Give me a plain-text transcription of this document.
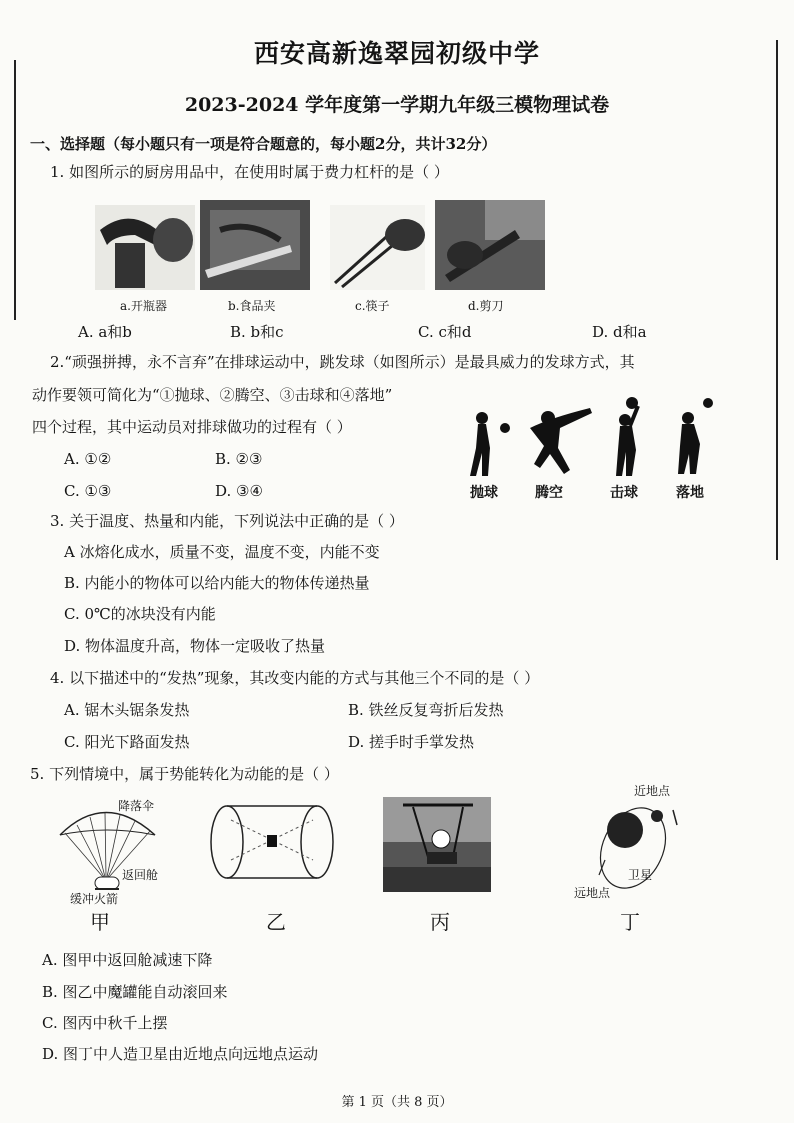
西安高新逸翠园初级中学
2023-2024 学年度第一学期九年级三模物理试卷
一、选择题（每小题只有一项是符合题意的，每小题2分，共计32分）
1. 如图所示的厨房用品中，在使用时属于费力杠杆的是（ ）
a.开瓶器	b.食品夹	c.筷子	d.剪刀
A. a和b	B. b和c	C. c和d	D. d和a
2.“顽强拼搏，永不言弃”在排球运动中，跳发球（如图所示）是最具威力的发球方式，其
动作要领可简化为“①抛球、②腾空、③击球和④落地”
四个过程，其中运动员对排球做功的过程有（ ）
A. ①②	B. ②③
C. ①③	D. ③④	抛球	腾空	击球	落地
3. 关于温度、热量和内能，下列说法中正确的是（ ）
A 冰熔化成水，质量不变，温度不变，内能不变
B. 内能小的物体可以给内能大的物体传递热量
C. 0℃的冰块没有内能
D. 物体温度升高，物体一定吸收了热量
4. 以下描述中的“发热”现象，其改变内能的方式与其他三个不同的是（ ）
A. 锯木头锯条发热	B. 铁丝反复弯折后发热
C. 阳光下路面发热	D. 搓手时手掌发热
5. 下列情境中，属于势能转化为动能的是（ ）
降落伞
返回舱
缓冲火箭
近地点
卫星
远地点
甲	乙	丙	丁
A. 图甲中返回舱减速下降
B. 图乙中魔罐能自动滚回来
C. 图丙中秋千上摆
D. 图丁中人造卫星由近地点向远地点运动
第 1 页（共 8 页）
